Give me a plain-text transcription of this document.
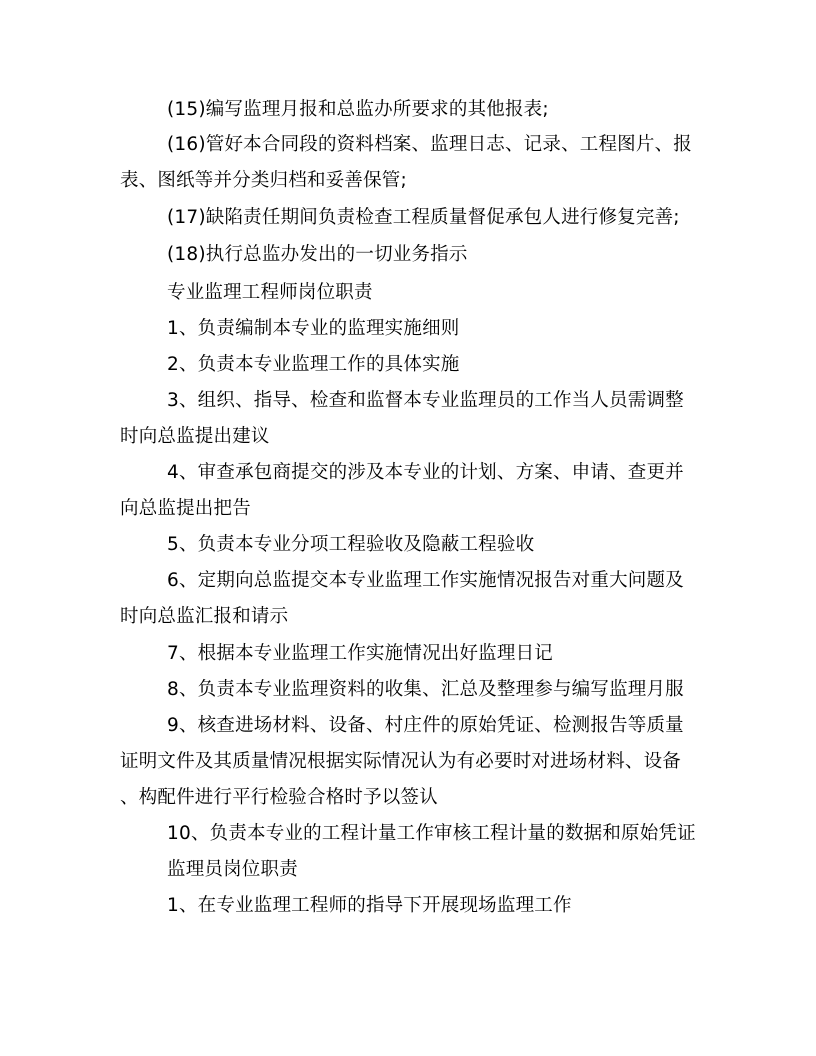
(15)编写监理月报和总监办所要求的其他报表;
(16)管好本合同段的资料档案、监理日志、记录、工程图片、报
表、图纸等并分类归档和妥善保管;
(17)缺陷责任期间负责检查工程质量督促承包人进行修复完善;
(18)执行总监办发出的一切业务指示
专业监理工程师岗位职责
1、负责编制本专业的监理实施细则
2、负责本专业监理工作的具体实施
3、组织、指导、检查和监督本专业监理员的工作当人员需调整
时向总监提出建议
4、审查承包商提交的涉及本专业的计划、方案、申请、查更并
向总监提出把告
5、负责本专业分项工程验收及隐蔽工程验收
6、定期向总监提交本专业监理工作实施情况报告对重大问题及
时向总监汇报和请示
7、根据本专业监理工作实施情况出好监理日记
8、负责本专业监理资料的收集、汇总及整理参与编写监理月服
9、核查进场材料、设备、村庄件的原始凭证、检测报告等质量
证明文件及其质量情况根据实际情况认为有必要时对进场材料、设备
、构配件进行平行检验合格时予以签认
10、负责本专业的工程计量工作审核工程计量的数据和原始凭证
监理员岗位职责
1、在专业监理工程师的指导下开展现场监理工作
